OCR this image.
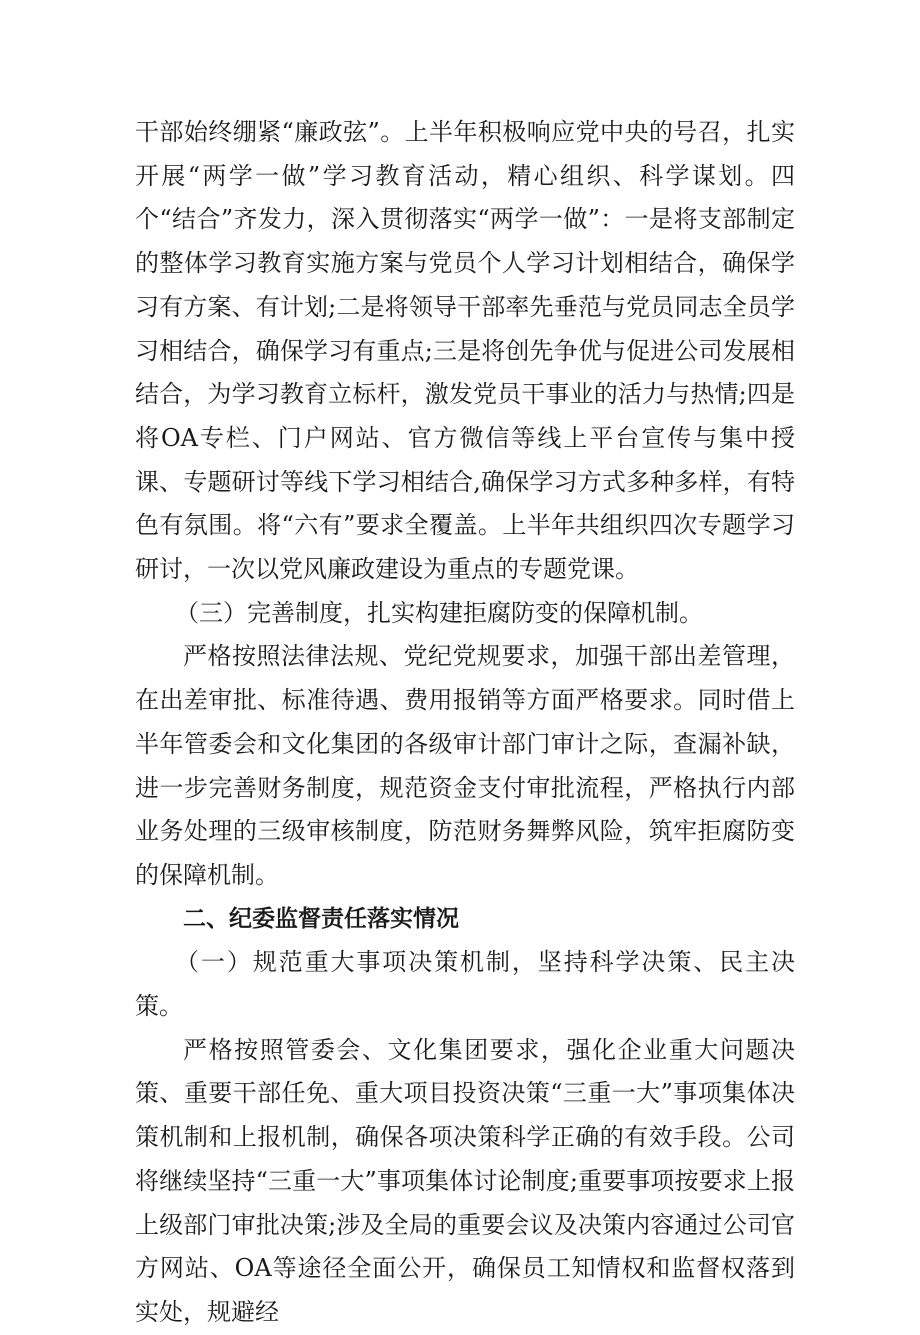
干部始终绷紧“廉政弦”。上半年积极响应党中央的号召，扎实开展“两学一做”学习教育活动，精心组织、科学谋划。四个“结合”齐发力，深入贯彻落实“两学一做”：一是将支部制定的整体学习教育实施方案与党员个人学习计划相结合，确保学习有方案、有计划;二是将领导干部率先垂范与党员同志全员学习相结合，确保学习有重点;三是将创先争优与促进公司发展相结合，为学习教育立标杆，激发党员干事业的活力与热情;四是将OA专栏、门户网站、官方微信等线上平台宣传与集中授课、专题研讨等线下学习相结合,确保学习方式多种多样，有特色有氛围。将“六有”要求全覆盖。上半年共组织四次专题学习研讨，一次以党风廉政建设为重点的专题党课。

（三）完善制度，扎实构建拒腐防变的保障机制。

严格按照法律法规、党纪党规要求，加强干部出差管理，在出差审批、标准待遇、费用报销等方面严格要求。同时借上半年管委会和文化集团的各级审计部门审计之际，查漏补缺，进一步完善财务制度，规范资金支付审批流程，严格执行内部业务处理的三级审核制度，防范财务舞弊风险，筑牢拒腐防变的保障机制。

二、纪委监督责任落实情况

（一）规范重大事项决策机制，坚持科学决策、民主决策。

严格按照管委会、文化集团要求，强化企业重大问题决策、重要干部任免、重大项目投资决策“三重一大”事项集体决策机制和上报机制，确保各项决策科学正确的有效手段。公司将继续坚持“三重一大”事项集体讨论制度;重要事项按要求上报上级部门审批决策;涉及全局的重要会议及决策内容通过公司官方网站、OA等途径全面公开，确保员工知情权和监督权落到实处，规避经
